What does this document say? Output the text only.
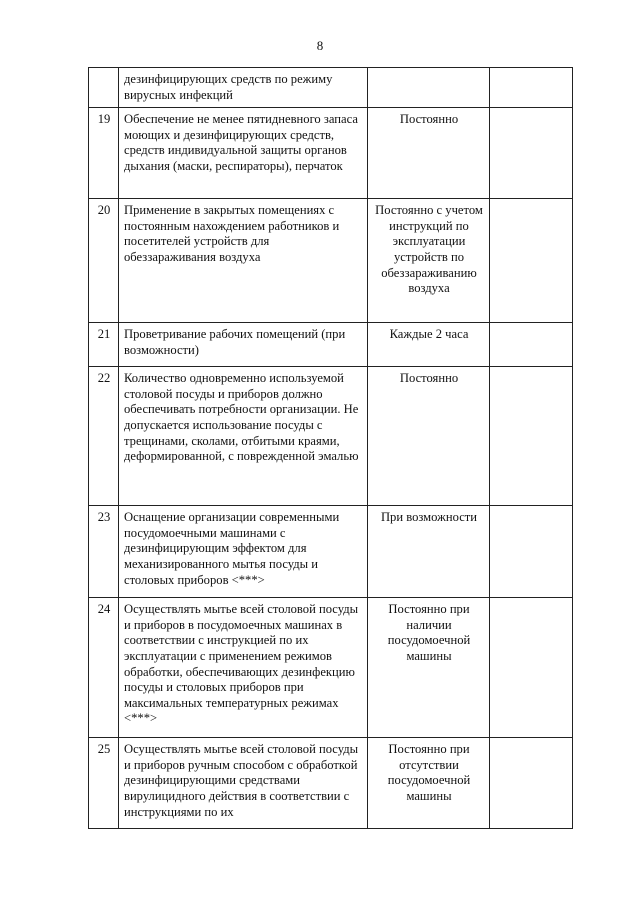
8
	дезинфицирующих средств по режиму вирусных инфекций		
19	Обеспечение не менее пятидневного запаса моющих и дезинфицирующих средств, средств индивидуальной защиты органов дыхания (маски, респираторы), перчаток	Постоянно	
20	Применение в закрытых помещениях с постоянным нахождением работников и посетителей устройств для обеззараживания воздуха	Постоянно с учетом инструкций по эксплуатации устройств по обеззараживанию воздуха	
21	Проветривание рабочих помещений (при возможности)	Каждые 2 часа	
22	Количество одновременно используемой столовой посуды и приборов должно обеспечивать потребности организации. Не допускается использование посуды с трещинами, сколами, отбитыми краями, деформированной, с поврежденной эмалью	Постоянно	
23	Оснащение организации современными посудомоечными машинами с дезинфицирующим эффектом для механизированного мытья посуды и столовых приборов <***>	При возможности	
24	Осуществлять мытье всей столовой посуды и приборов в посудомоечных машинах в соответствии с инструкцией по их эксплуатации с применением режимов обработки, обеспечивающих дезинфекцию посуды и столовых приборов при максимальных температурных режимах <***>	Постоянно при наличии посудомоечной машины	
25	Осуществлять мытье всей столовой посуды и приборов ручным способом с обработкой дезинфицирующими средствами вирулицидного действия в соответствии с инструкциями по их	Постоянно при отсутствии посудомоечной машины	
